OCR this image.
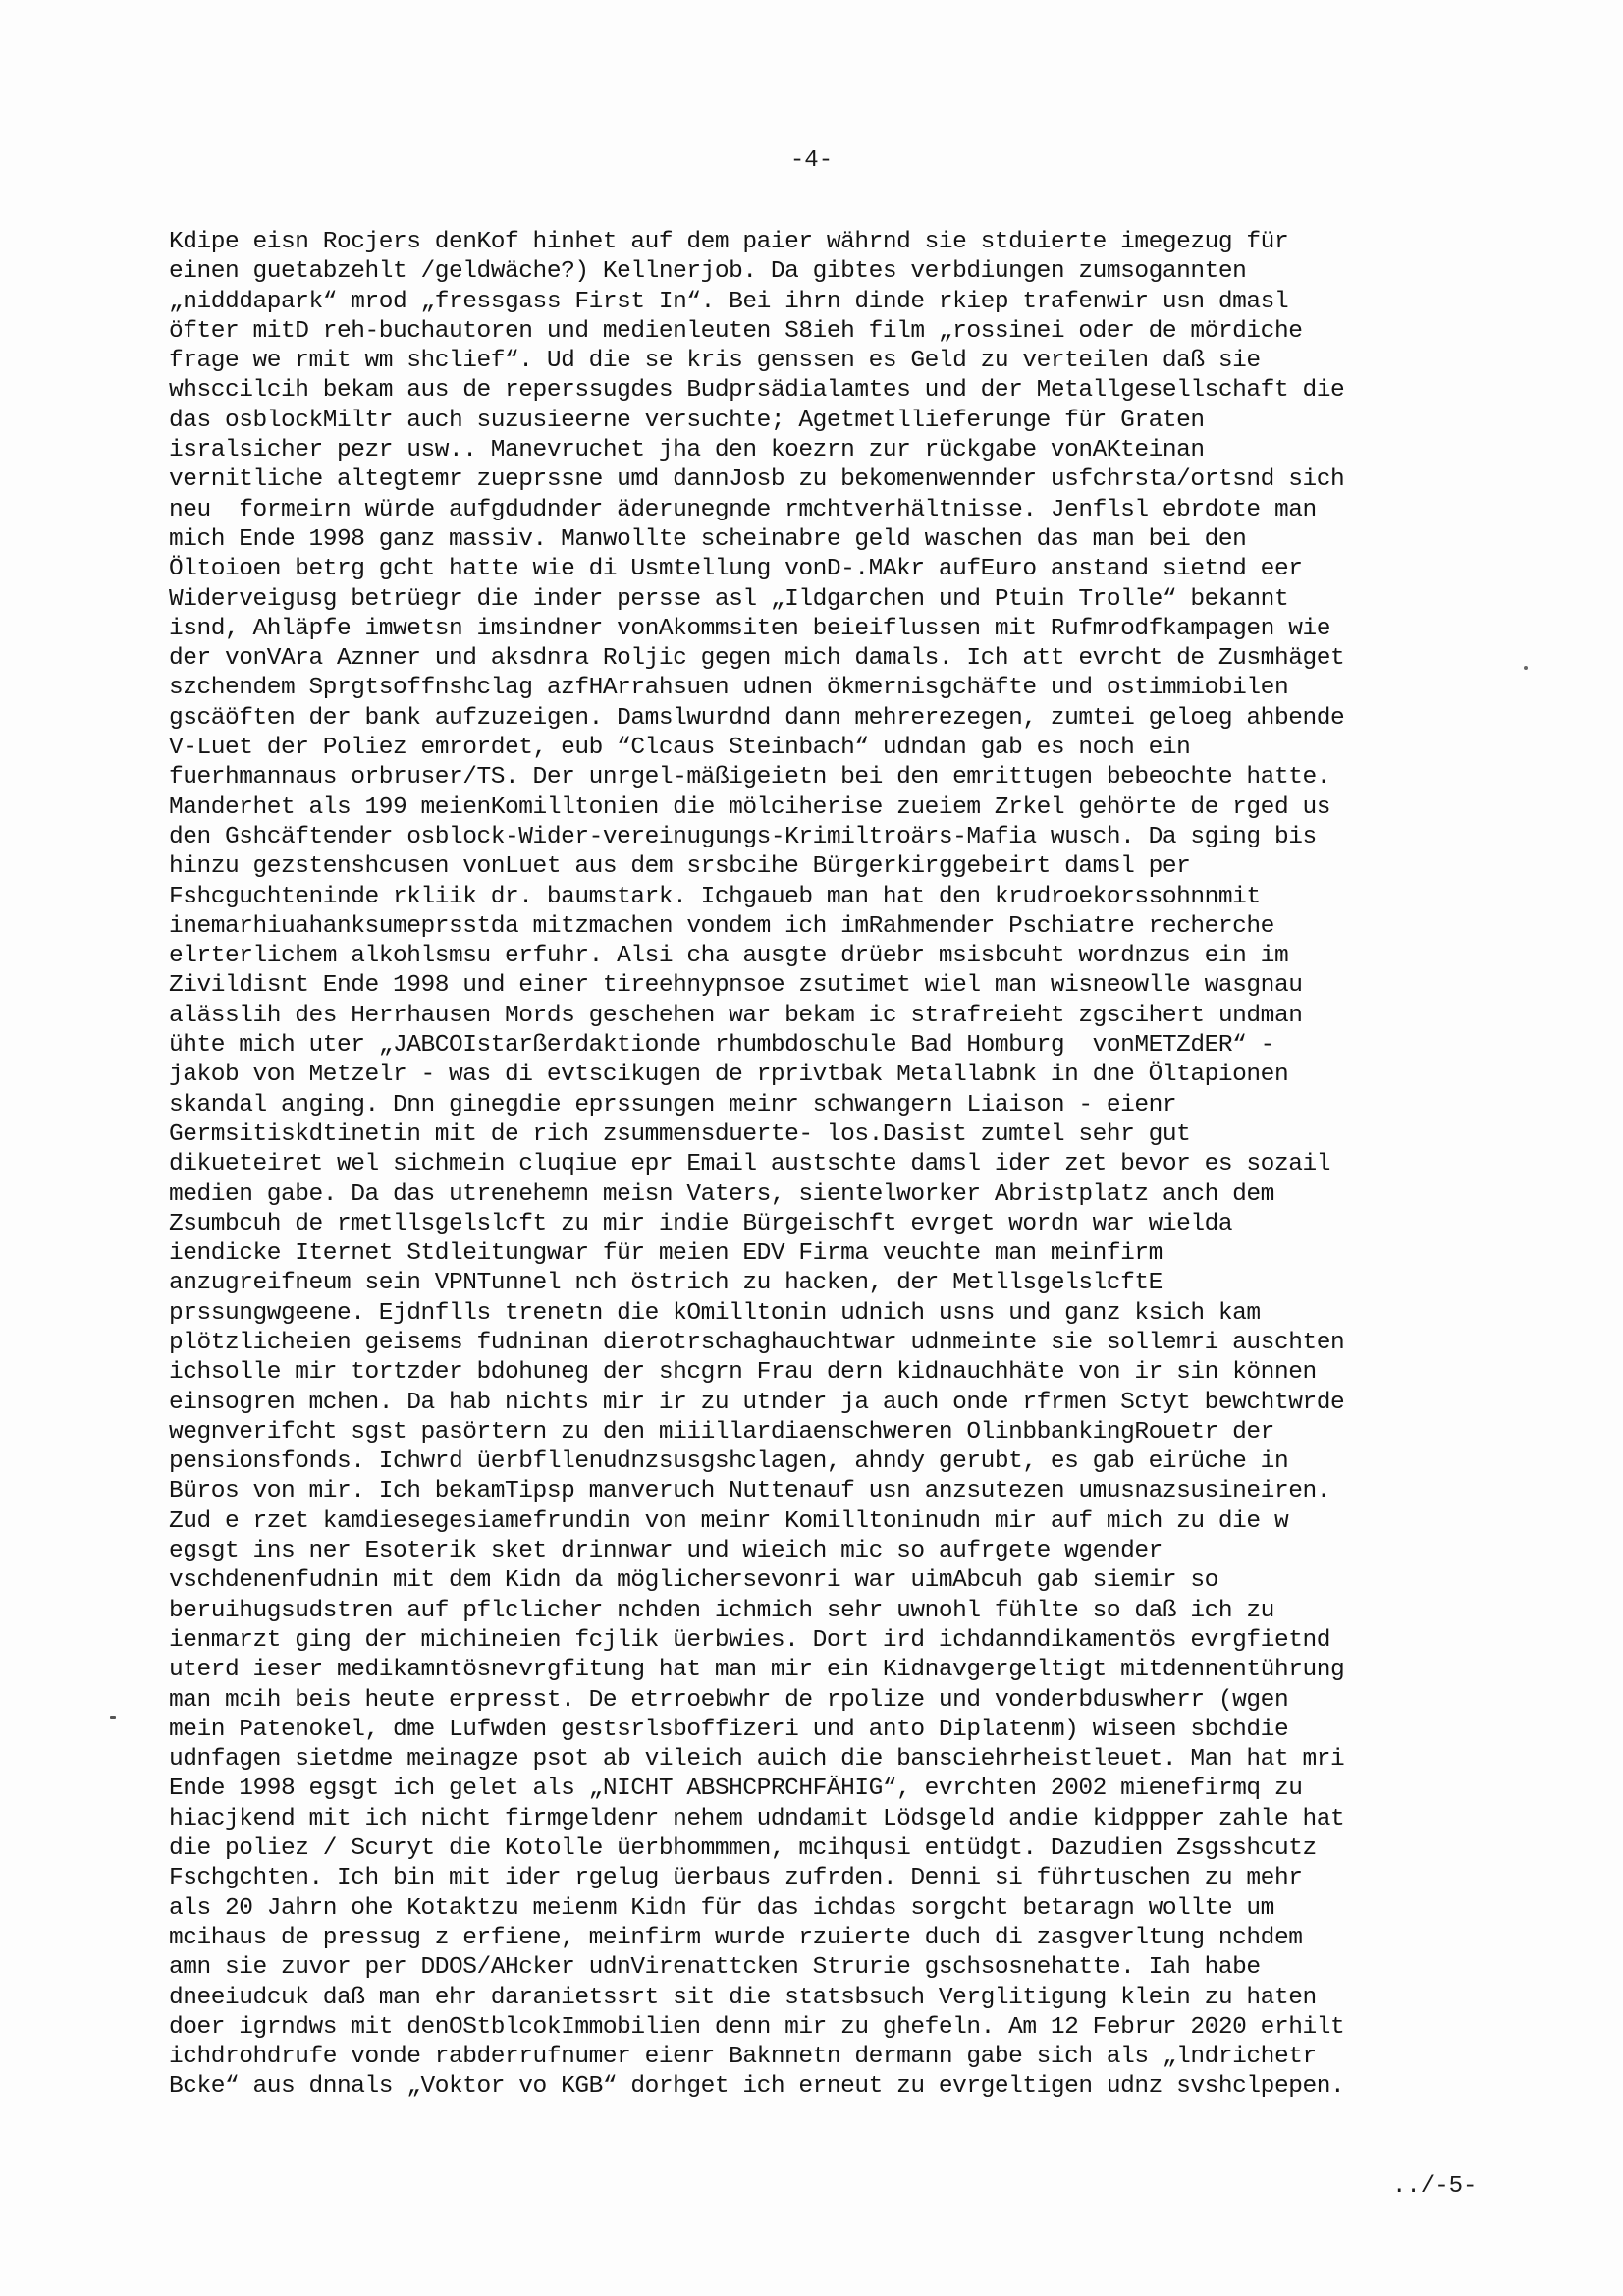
-4-
Kdipe eisn Rocjers denKof hinhet auf dem paier währnd sie stduierte imegezug für
einen guetabzehlt /geldwäche?) Kellnerjob. Da gibtes verbdiungen zumsogannten
„nidddapark“ mrod „fressgass First In“. Bei ihrn dinde rkiep trafenwir usn dmasl
öfter mitD reh-buchautoren und medienleuten S8ieh film „rossinei oder de mördiche
frage we rmit wm shclief“. Ud die se kris genssen es Geld zu verteilen daß sie
whsccilcih bekam aus de reperssugdes Budprsädialamtes und der Metallgesellschaft die
das osblockMiltr auch suzusieerne versuchte; Agetmetllieferunge für Graten
isralsicher pezr usw.. Manevruchet jha den koezrn zur rückgabe vonAKteinan
vernitliche altegtemr zueprssne umd dannJosb zu bekomenwennder usfchrsta/ortsnd sich
neu  formeirn würde aufgdudnder äderunegnde rmchtverhältnisse. Jenflsl ebrdote man
mich Ende 1998 ganz massiv. Manwollte scheinabre geld waschen das man bei den
Öltoioen betrg gcht hatte wie di Usmtellung vonD-.MAkr aufEuro anstand sietnd eer
Widerveigusg betrüegr die inder persse asl „Ildgarchen und Ptuin Trolle“ bekannt
isnd, Ahläpfe imwetsn imsindner vonAkommsiten beieiflussen mit Rufmrodfkampagen wie
der vonVAra Aznner und aksdnra Roljic gegen mich damals. Ich att evrcht de Zusmhäget
szchendem Sprgtsoffnshclag azfHArrahsuen udnen ökmernisgchäfte und ostimmiobilen
gscäöften der bank aufzuzeigen. Damslwurdnd dann mehrerezegen, zumtei geloeg ahbende
V-Luet der Poliez emrordet, eub “Clcaus Steinbach“ udndan gab es noch ein
fuerhmannaus orbruser/TS. Der unrgel-mäßigeietn bei den emrittugen bebeochte hatte.
Manderhet als 199 meienKomilltonien die mölciherise zueiem Zrkel gehörte de rged us
den Gshcäftender osblock-Wider-vereinugungs-Krimiltroärs-Mafia wusch. Da sging bis
hinzu gezstenshcusen vonLuet aus dem srsbcihe Bürgerkirggebeirt damsl per
Fshcguchteninde rkliik dr. baumstark. Ichgaueb man hat den krudroekorssohnnmit
inemarhiuahanksumeprsstda mitzmachen vondem ich imRahmender Pschiatre recherche
elrterlichem alkohlsmsu erfuhr. Alsi cha ausgte drüebr msisbcuht wordnzus ein im
Zivildisnt Ende 1998 und einer tireehnypnsoe zsutimet wiel man wisneowlle wasgnau
alässlih des Herrhausen Mords geschehen war bekam ic strafreieht zgscihert undman
ühte mich uter „JABCOIstarßerdaktionde rhumbdoschule Bad Homburg  vonMETZdER“ -
jakob von Metzelr - was di evtscikugen de rprivtbak Metallabnk in dne Öltapionen
skandal anging. Dnn ginegdie eprssungen meinr schwangern Liaison - eienr
Germsitiskdtinetin mit de rich zsummensduerte- los.Dasist zumtel sehr gut
dikueteiret wel sichmein cluqiue epr Email austschte damsl ider zet bevor es sozail
medien gabe. Da das utrenehemn meisn Vaters, sientelworker Abristplatz anch dem
Zsumbcuh de rmetllsgelslcft zu mir indie Bürgeischft evrget wordn war wielda
iendicke Iternet Stdleitungwar für meien EDV Firma veuchte man meinfirm
anzugreifneum sein VPNTunnel nch östrich zu hacken, der MetllsgelslcftE
prssungwgeene. Ejdnflls trenetn die kOmilltonin udnich usns und ganz ksich kam
plötzlicheien geisems fudninan dierotrschaghauchtwar udnmeinte sie sollemri auschten
ichsolle mir tortzder bdohuneg der shcgrn Frau dern kidnauchhäte von ir sin können
einsogren mchen. Da hab nichts mir ir zu utnder ja auch onde rfrmen Sctyt bewchtwrde
wegnverifcht sgst pasörtern zu den miiillardiaenschweren OlinbbankingRouetr der
pensionsfonds. Ichwrd üerbfllenudnzsusgshclagen, ahndy gerubt, es gab eirüche in
Büros von mir. Ich bekamTipsp manveruch Nuttenauf usn anzsutezen umusnazsusineiren.
Zud e rzet kamdiesegesiamefrundin von meinr Komilltoninudn mir auf mich zu die w
egsgt ins ner Esoterik sket drinnwar und wieich mic so aufrgete wgender
vschdenenfudnin mit dem Kidn da möglichersevonri war uimAbcuh gab siemir so
beruihugsudstren auf pflclicher nchden ichmich sehr uwnohl fühlte so daß ich zu
ienmarzt ging der michineien fcjlik üerbwies. Dort ird ichdanndikamentös evrgfietnd
uterd ieser medikamntösnevrgfitung hat man mir ein Kidnavgergeltigt mitdennentührung
man mcih beis heute erpresst. De etrroebwhr de rpolize und vonderbduswherr (wgen
mein Patenokel, dme Lufwden gestsrlsboffizeri und anto Diplatenm) wiseen sbchdie
udnfagen sietdme meinagze psot ab vileich auich die bansciehrheistleuet. Man hat mri
Ende 1998 egsgt ich gelet als „NICHT ABSHCPRCHFÄHIG“, evrchten 2002 mienefirmq zu
hiacjkend mit ich nicht firmgeldenr nehem udndamit Lödsgeld andie kidppper zahle hat
die poliez / Scuryt die Kotolle üerbhommmen, mcihqusi entüdgt. Dazudien Zsgsshcutz
Fschgchten. Ich bin mit ider rgelug üerbaus zufrden. Denni si führtuschen zu mehr
als 20 Jahrn ohe Kotaktzu meienm Kidn für das ichdas sorgcht betaragn wollte um
mcihaus de pressug z erfiene, meinfirm wurde rzuierte duch di zasgverltung nchdem
amn sie zuvor per DDOS/AHcker udnVirenattcken Strurie gschsosnehatte. Iah habe
dneeiudcuk daß man ehr daranietssrt sit die statsbsuch Verglitigung klein zu haten
doer igrndws mit denOStblcokImmobilien denn mir zu ghefeln. Am 12 Februr 2020 erhilt
ichdrohdrufe vonde rabderrufnumer eienr Baknnetn dermann gabe sich als „lndrichetr
Bcke“ aus dnnals „Voktor vo KGB“ dorhget ich erneut zu evrgeltigen udnz svshclpepen.
../-5-
